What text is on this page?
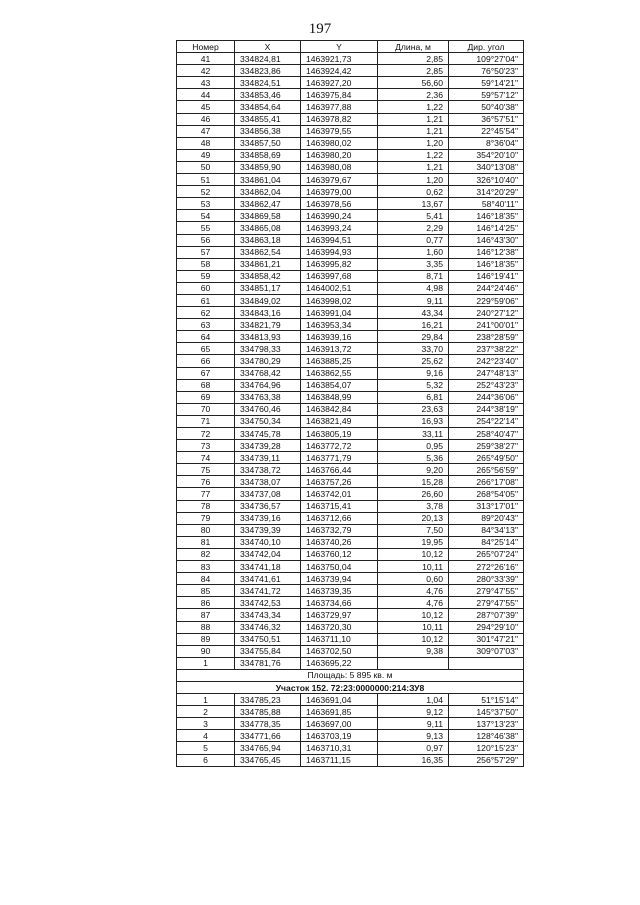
197
Номер	X	Y	Длина, м	Дир. угол
41	334824,81	1463921,73	2,85	109°27'04"
42	334823,86	1463924,42	2,85	76°50'23"
43	334824,51	1463927,20	56,60	59°14'21"
44	334853,46	1463975,84	2,36	59°57'12"
45	334854,64	1463977,88	1,22	50°40'38"
46	334855,41	1463978,82	1,21	36°57'51"
47	334856,38	1463979,55	1,21	22°45'54"
48	334857,50	1463980,02	1,20	8°36'04"
49	334858,69	1463980,20	1,22	354°20'10"
50	334859,90	1463980,08	1,21	340°13'08"
51	334861,04	1463979,67	1,20	326°10'40"
52	334862,04	1463979,00	0,62	314°20'29"
53	334862,47	1463978,56	13,67	58°40'11"
54	334869,58	1463990,24	5,41	146°18'35"
55	334865,08	1463993,24	2,29	146°14'25"
56	334863,18	1463994,51	0,77	146°43'30"
57	334862,54	1463994,93	1,60	146°12'38"
58	334861,21	1463995,82	3,35	146°18'35"
59	334858,42	1463997,68	8,71	146°19'41"
60	334851,17	1464002,51	4,98	244°24'46"
61	334849,02	1463998,02	9,11	229°59'06"
62	334843,16	1463991,04	43,34	240°27'12"
63	334821,79	1463953,34	16,21	241°00'01"
64	334813,93	1463939,16	29,84	238°28'59"
65	334798,33	1463913,72	33,70	237°38'22"
66	334780,29	1463885,25	25,62	242°23'40"
67	334768,42	1463862,55	9,16	247°48'13"
68	334764,96	1463854,07	5,32	252°43'23"
69	334763,38	1463848,99	6,81	244°36'06"
70	334760,46	1463842,84	23,63	244°38'19"
71	334750,34	1463821,49	16,93	254°22'14"
72	334745,78	1463805,19	33,11	258°40'47"
73	334739,28	1463772,72	0,95	259°38'27"
74	334739,11	1463771,79	5,36	265°49'50"
75	334738,72	1463766,44	9,20	265°56'59"
76	334738,07	1463757,26	15,28	266°17'08"
77	334737,08	1463742,01	26,60	268°54'05"
78	334736,57	1463715,41	3,78	313°17'01"
79	334739,16	1463712,66	20,13	89°20'43"
80	334739,39	1463732,79	7,50	84°34'13"
81	334740,10	1463740,26	19,95	84°25'14"
82	334742,04	1463760,12	10,12	265°07'24"
83	334741,18	1463750,04	10,11	272°26'16"
84	334741,61	1463739,94	0,60	280°33'39"
85	334741,72	1463739,35	4,76	279°47'55"
86	334742,53	1463734,66	4,76	279°47'55"
87	334743,34	1463729,97	10,12	287°07'39"
88	334746,32	1463720,30	10,11	294°29'10"
89	334750,51	1463711,10	10,12	301°47'21"
90	334755,84	1463702,50	9,38	309°07'03"
1	334781,76	1463695,22		
Площадь: 5 895 кв. м				
Участок 152. 72:23:0000000:214:ЗУ8				
1	334785,23	1463691,04	1,04	51°15'14"
2	334785,88	1463691,85	9,12	145°37'50"
3	334778,35	1463697,00	9,11	137°13'23"
4	334771,66	1463703,19	9,13	128°46'38"
5	334765,94	1463710,31	0,97	120°15'23"
6	334765,45	1463711,15	16,35	256°57'29"
